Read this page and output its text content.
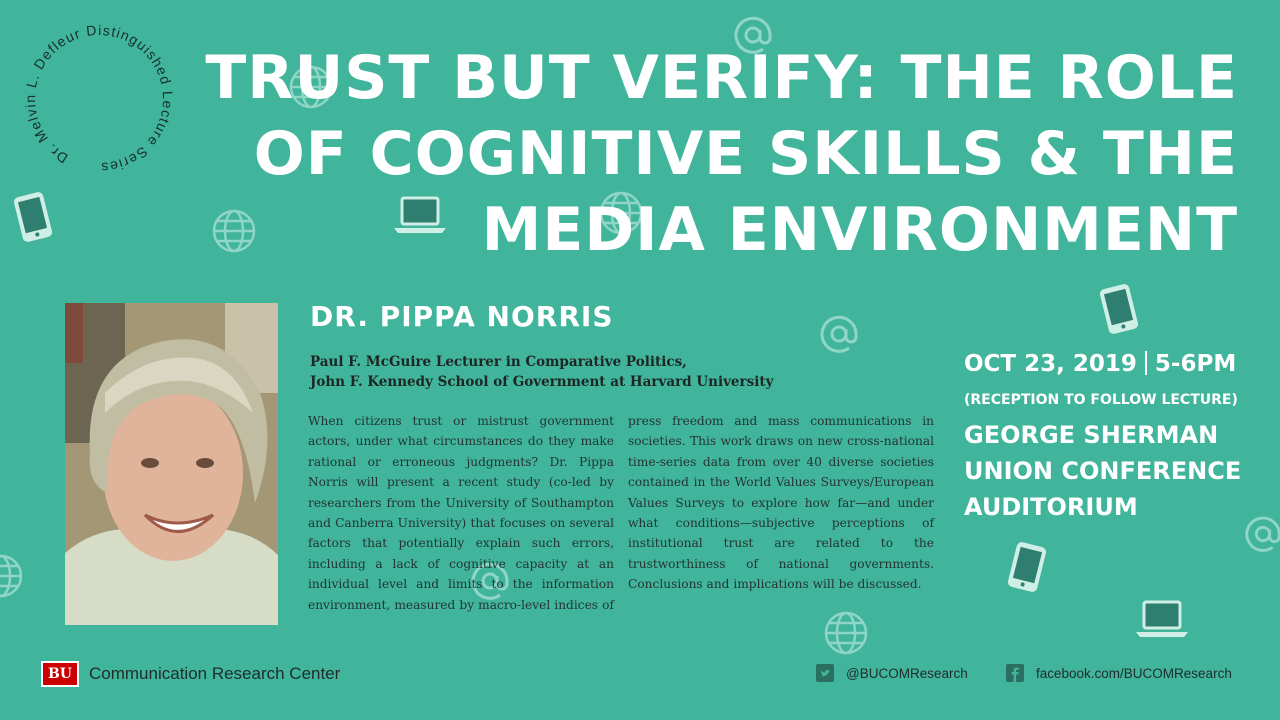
Dr. Melvin L. Defleur Distinguished Lecture Series
TRUST BUT VERIFY: THE ROLE
OF COGNITIVE SKILLS & THE
MEDIA ENVIRONMENT
DR. PIPPA NORRIS
Paul F. McGuire Lecturer in Comparative Politics,
John F. Kennedy School of Government at Harvard University

When citizens trust or mistrust government actors, under what circumstances do they make rational or erroneous judgments? Dr. Pippa Norris will present a recent study (co-led by researchers from the University of Southampton and Canberra University) that focuses on several factors that potentially explain such errors, including a lack of cognitive capacity at an individual level and limits to the information environment, measured by macro-level indices of press freedom and mass communications in societies. This work draws on new cross-national time-series data from over 40 diverse societies contained in the World Values Surveys/European Values Surveys to explore how far—and under what conditions—subjective perceptions of institutional trust are related to the trustworthiness of national governments. Conclusions and implications will be discussed.

OCT 23, 2019 5-6PM
(RECEPTION TO FOLLOW LECTURE)
GEORGE SHERMAN
UNION CONFERENCE
AUDITORIUM
BU Communication Research Center	@BUCOMResearch	facebook.com/BUCOMResearch
